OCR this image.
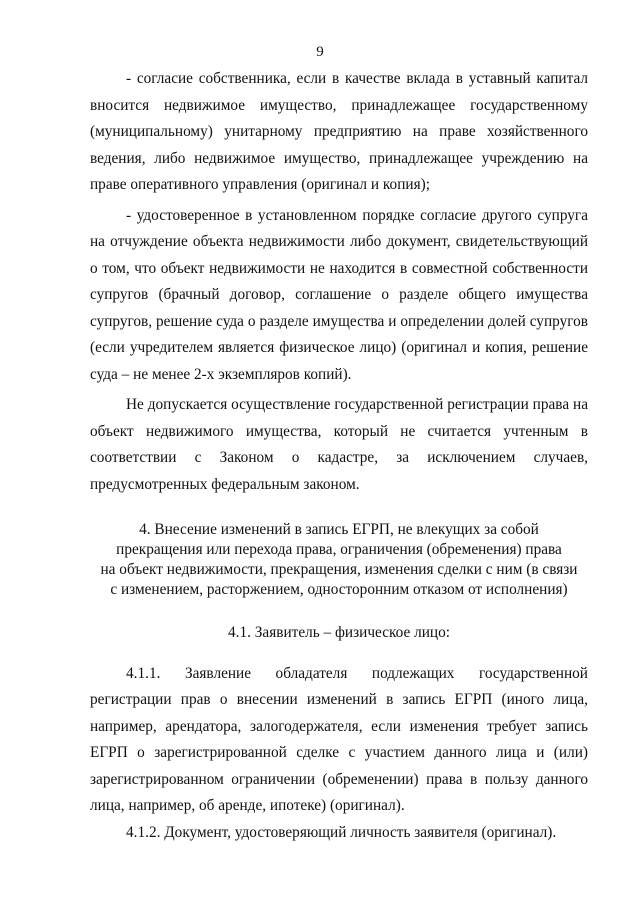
9

- согласие собственника, если в качестве вклада в уставный капитал вносится недвижимое имущество, принадлежащее государственному (муниципальному) унитарному предприятию на праве хозяйственного ведения, либо недвижимое имущество, принадлежащее учреждению на праве оперативного управления (оригинал и копия);

- удостоверенное в установленном порядке согласие другого супруга на отчуждение объекта недвижимости либо документ, свидетельствующий о том, что объект недвижимости не находится в совместной собственности супругов (брачный договор, соглашение о разделе общего имущества супругов, решение суда о разделе имущества и определении долей супругов (если учредителем является физическое лицо) (оригинал и копия, решение суда – не менее 2-х экземпляров копий).

Не допускается осуществление государственной регистрации права на объект недвижимого имущества, который не считается учтенным в соответствии с Законом о кадастре, за исключением случаев, предусмотренных федеральным законом.

4. Внесение изменений в запись ЕГРП, не влекущих за собой
прекращения или перехода права, ограничения (обременения) права
на объект недвижимости, прекращения, изменения сделки с ним (в связи
с изменением, расторжением, односторонним отказом от исполнения)
4.1. Заявитель – физическое лицо:

4.1.1. Заявление обладателя подлежащих государственной регистрации прав о внесении изменений в запись ЕГРП (иного лица, например, арендатора, залогодержателя, если изменения требует запись ЕГРП о зарегистрированной сделке с участием данного лица и (или) зарегистрированном ограничении (обременении) права в пользу данного лица, например, об аренде, ипотеке) (оригинал).

4.1.2. Документ, удостоверяющий личность заявителя (оригинал).
